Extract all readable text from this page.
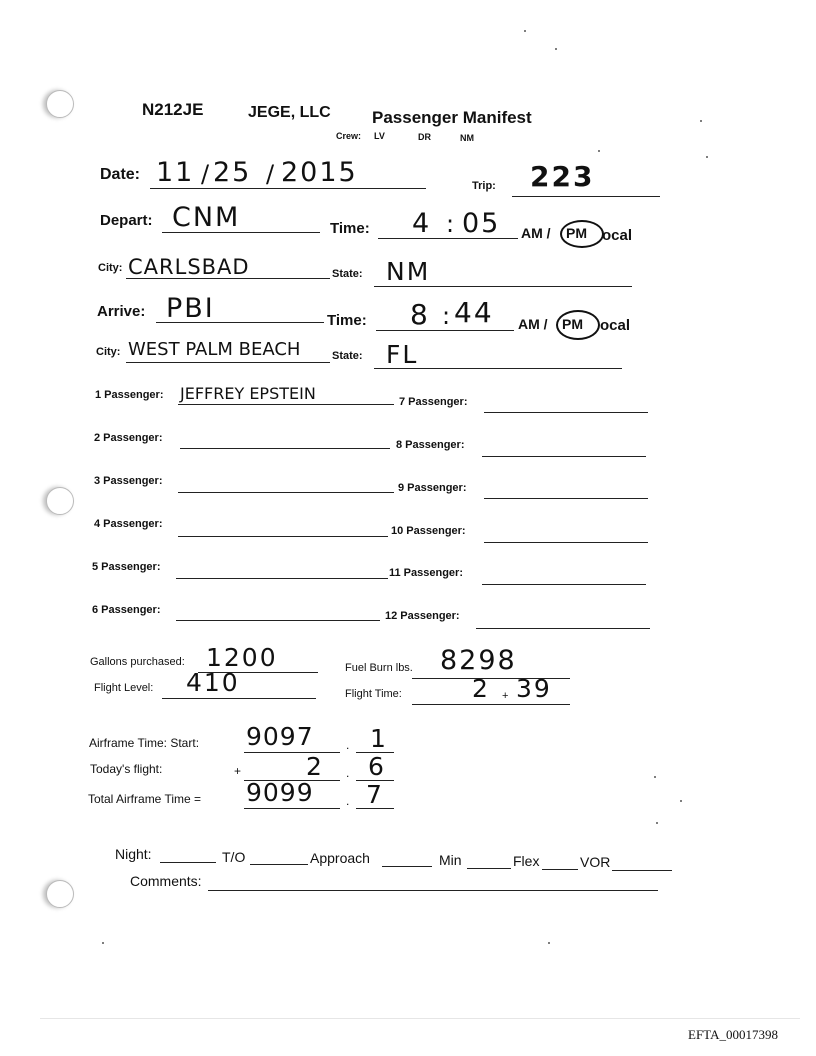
N212JE	JEGE, LLC Passenger Manifest
Crew: LV	DR	NM
Date: 11 / 25 / 2015	Trip: 223
Depart: CNM	Time: 4 : 05 AM / PM ocal
City: CARLSBAD	State: NM
Arrive: PBI	Time: 8 : 44 AM / PM ocal
City: WEST PALM BEACH	State: FL
1 Passenger: JEFFREY EPSTEIN
2 Passenger:
3 Passenger:
4 Passenger:
5 Passenger:
6 Passenger:
7 Passenger:
8 Passenger:
9 Passenger:
10 Passenger:
11 Passenger:
12 Passenger:
Gallons purchased: 1200	Fuel Burn lbs. 8298
Flight Level: 410	Flight Time:	2 + 39
Airframe Time: Start: 9097	. 1
Today's flight:	+	2 . 6
Total Airframe Time = 9099	. 7
Night:	T/O	Approach	Min	Flex	VOR
Comments:
EFTA_00017398
